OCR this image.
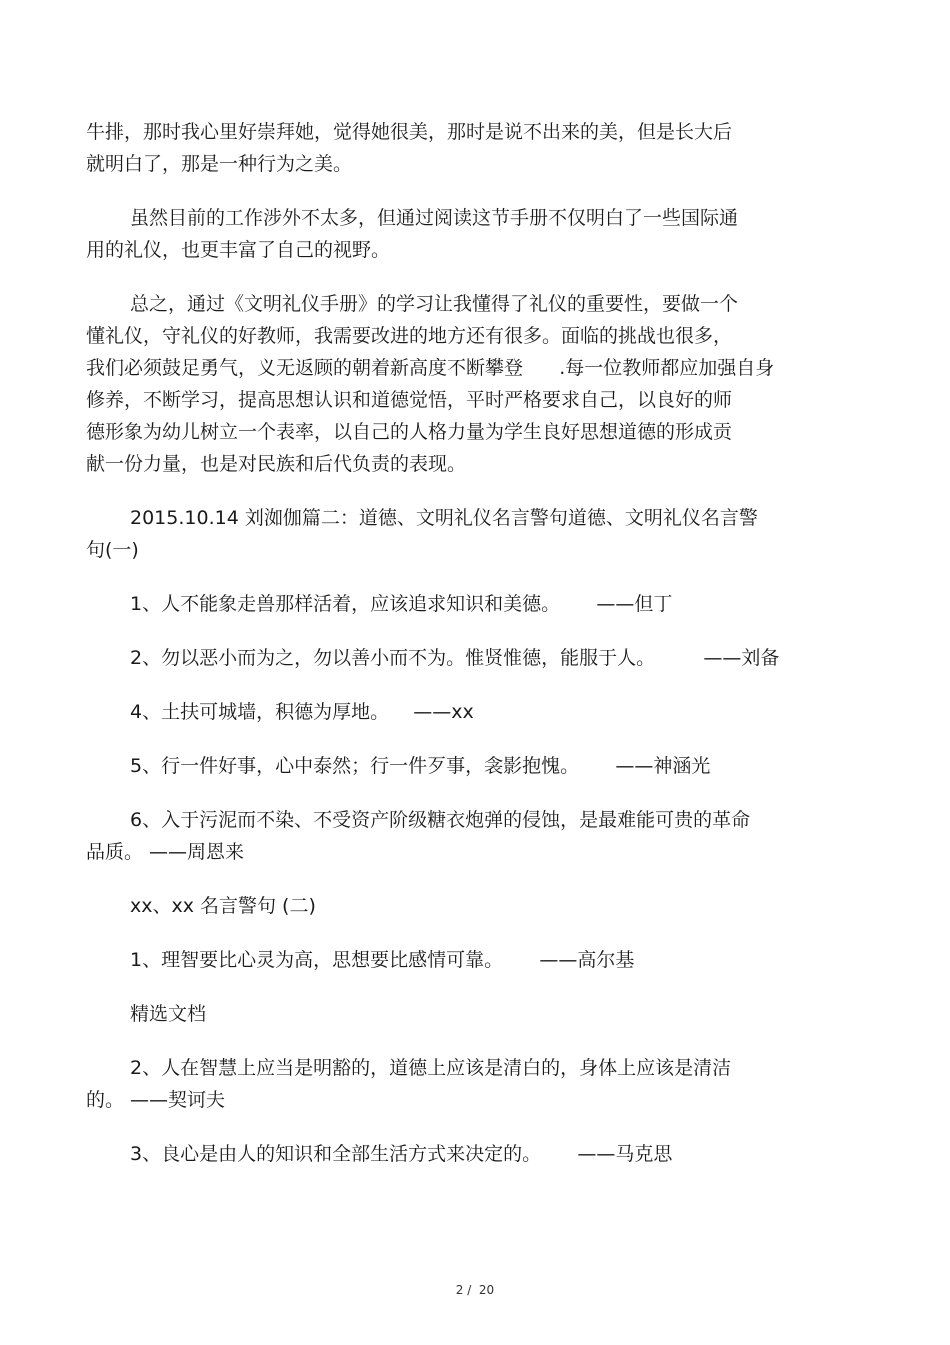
牛排，那时我心里好崇拜她，觉得她很美，那时是说不出来的美，但是长大后
就明白了，那是一种行为之美。
虽然目前的工作涉外不太多，但通过阅读这节手册不仅明白了一些国际通
用的礼仪，也更丰富了自己的视野。
总之，通过《文明礼仪手册》的学习让我懂得了礼仪的重要性，要做一个
懂礼仪，守礼仪的好教师，我需要改进的地方还有很多。面临的挑战也很多，
我们必须鼓足勇气，义无返顾的朝着新高度不断攀登      .每一位教师都应加强自身
修养，不断学习，提高思想认识和道德觉悟，平时严格要求自己，以良好的师
德形象为幼儿树立一个表率，以自己的人格力量为学生良好思想道德的形成贡
献一份力量，也是对民族和后代负责的表现。
2015.10.14 刘洳伽篇二：道德、文明礼仪名言警句道德、文明礼仪名言警
句(一)
1、人不能象走兽那样活着，应该追求知识和美德。      ——但丁
2、勿以恶小而为之，勿以善小而不为。惟贤惟德，能服于人。        ——刘备
4、土扶可城墙，积德为厚地。    ——xx
5、行一件好事，心中泰然；行一件歹事，衾影抱愧。      ——神涵光
6、入于污泥而不染、不受资产阶级糖衣炮弹的侵蚀，是最难能可贵的革命
品质。 ——周恩来
xx、xx 名言警句 (二)
1、理智要比心灵为高，思想要比感情可靠。      ——高尔基
精选文档
2、人在智慧上应当是明豁的，道德上应该是清白的，身体上应该是清洁
的。 ——契诃夫
3、良心是由人的知识和全部生活方式来决定的。      ——马克思
2 /  20
